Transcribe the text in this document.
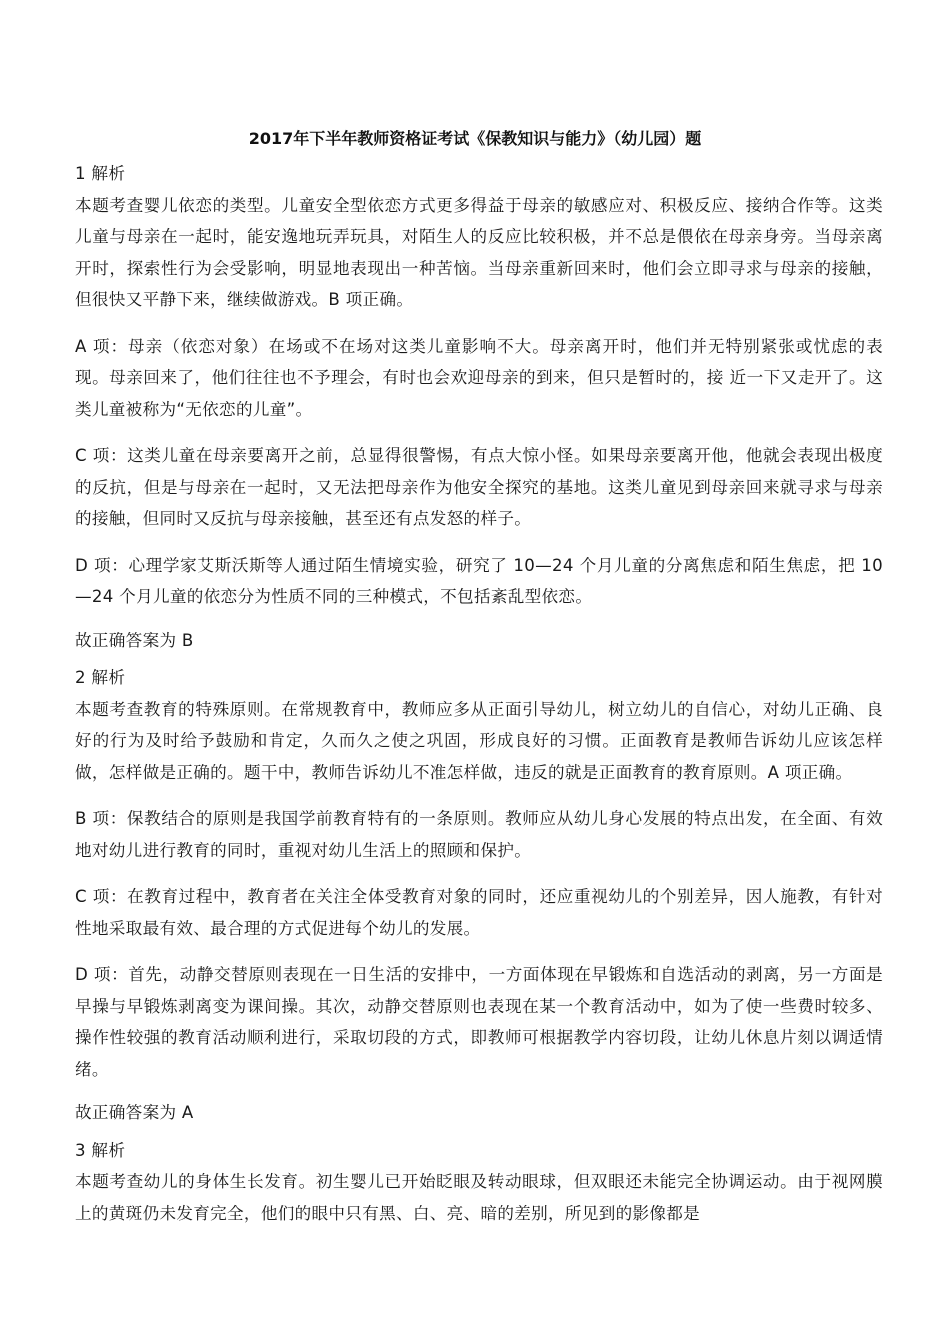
2017年下半年教师资格证考试《保教知识与能力》（幼儿园）题
1 解析

本题考查婴儿依恋的类型。儿童安全型依恋方式更多得益于母亲的敏感应对、积极反应、接纳合作等。这类儿童与母亲在一起时，能安逸地玩弄玩具，对陌生人的反应比较积极，并不总是偎依在母亲身旁。当母亲离开时，探索性行为会受影响，明显地表现出一种苦恼。当母亲重新回来时，他们会立即寻求与母亲的接触，但很快又平静下来，继续做游戏。B 项正确。

A 项：母亲（依恋对象）在场或不在场对这类儿童影响不大。母亲离开时，他们并无特别紧张或忧虑的表现。母亲回来了，他们往往也不予理会，有时也会欢迎母亲的到来，但只是暂时的，接 近一下又走开了。这类儿童被称为“无依恋的儿童”。

C 项：这类儿童在母亲要离开之前，总显得很警惕，有点大惊小怪。如果母亲要离开他，他就会表现出极度的反抗，但是与母亲在一起时，又无法把母亲作为他安全探究的基地。这类儿童见到母亲回来就寻求与母亲的接触，但同时又反抗与母亲接触，甚至还有点发怒的样子。

D 项：心理学家艾斯沃斯等人通过陌生情境实验，研究了 10—24 个月儿童的分离焦虑和陌生焦虑，把 10—24 个月儿童的依恋分为性质不同的三种模式，不包括紊乱型依恋。

故正确答案为 B

2 解析

本题考查教育的特殊原则。在常规教育中，教师应多从正面引导幼儿，树立幼儿的自信心，对幼儿正确、良好的行为及时给予鼓励和肯定，久而久之使之巩固，形成良好的习惯。正面教育是教师告诉幼儿应该怎样做，怎样做是正确的。题干中，教师告诉幼儿不准怎样做，违反的就是正面教育的教育原则。A 项正确。

B 项：保教结合的原则是我国学前教育特有的一条原则。教师应从幼儿身心发展的特点出发，在全面、有效地对幼儿进行教育的同时，重视对幼儿生活上的照顾和保护。

C 项：在教育过程中，教育者在关注全体受教育对象的同时，还应重视幼儿的个别差异，因人施教，有针对性地采取最有效、最合理的方式促进每个幼儿的发展。

D 项：首先，动静交替原则表现在一日生活的安排中，一方面体现在早锻炼和自选活动的剥离，另一方面是早操与早锻炼剥离变为课间操。其次，动静交替原则也表现在某一个教育活动中，如为了使一些费时较多、操作性较强的教育活动顺利进行，采取切段的方式，即教师可根据教学内容切段，让幼儿休息片刻以调适情绪。

故正确答案为 A

3 解析

本题考查幼儿的身体生长发育。初生婴儿已开始眨眼及转动眼球，但双眼还未能完全协调运动。由于视网膜上的黄斑仍未发育完全，他们的眼中只有黑、白、亮、暗的差别，所见到的影像都是
